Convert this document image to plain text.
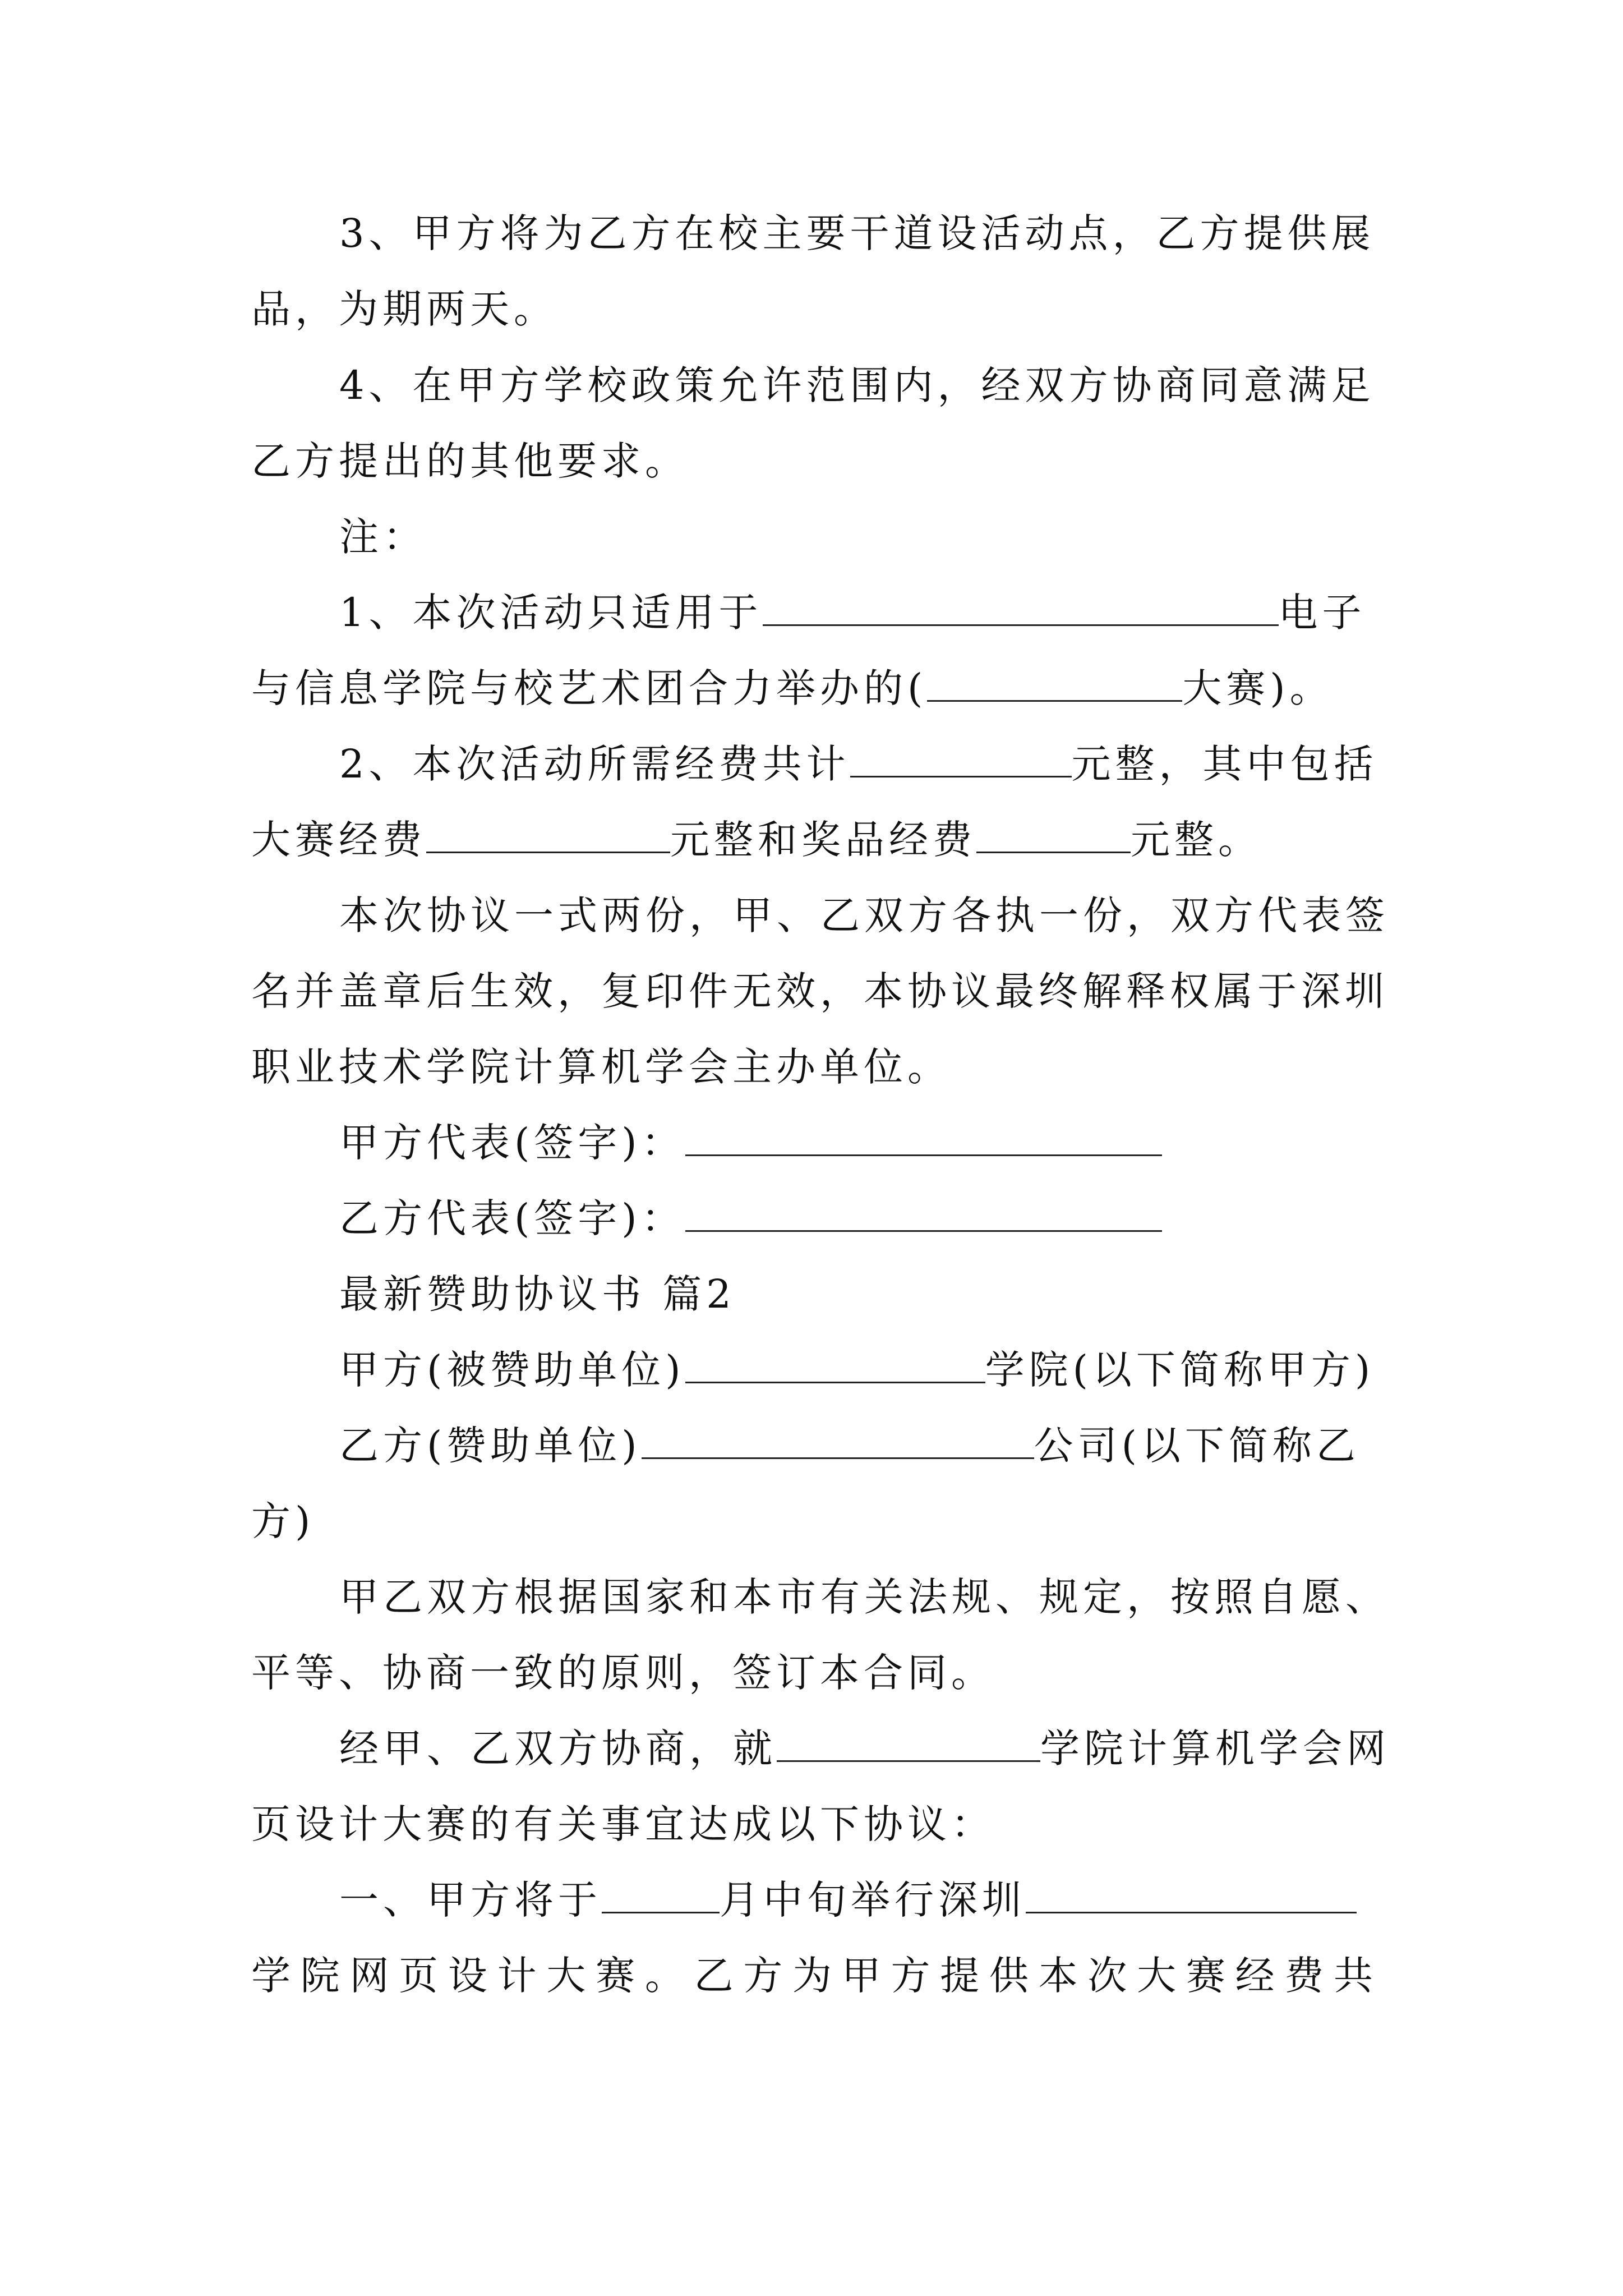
3、甲方将为乙方在校主要干道设活动点，乙方提供展
品，为期两天。
4、在甲方学校政策允许范围内，经双方协商同意满足
乙方提出的其他要求。
注：
1、本次活动只适用于	电子
与信息学院与校艺术团合力举办的(	大赛)。
2、本次活动所需经费共计	元整，其中包括
大赛经费	元整和奖品经费	元整。
本次协议一式两份，甲、乙双方各执一份，双方代表签
名并盖章后生效，复印件无效，本协议最终解释权属于深圳
职业技术学院计算机学会主办单位。
甲方代表(签字)：
乙方代表(签字)：
最新赞助协议书 篇2
甲方(被赞助单位)	学院(以下简称甲方)
乙方(赞助单位)	公司(以下简称乙
方)
甲乙双方根据国家和本市有关法规、规定，按照自愿、
平等、协商一致的原则，签订本合同。
经甲、乙双方协商，就	学院计算机学会网
页设计大赛的有关事宜达成以下协议：
一、甲方将于	月中旬举行深圳
学院网页设计大赛。乙方为甲方提供本次大赛经费共
